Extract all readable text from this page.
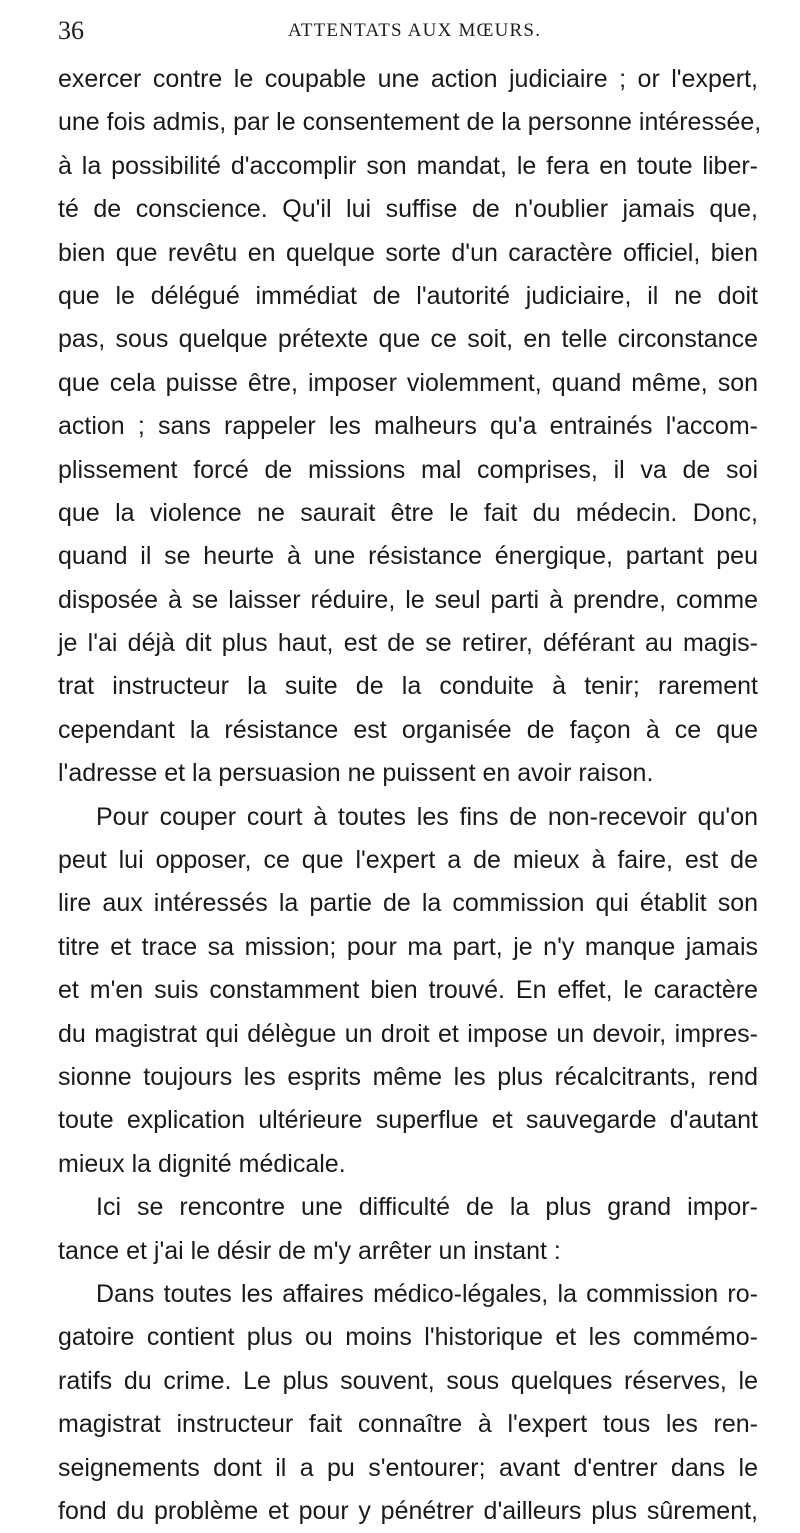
36	ATTENTATS AUX MŒURS.
exercer contre le coupable une action judiciaire ; or l'expert,
une fois admis, par le consentement de la personne intéressée,
à la possibilité d'accomplir son mandat, le fera en toute liber-
té de conscience. Qu'il lui suffise de n'oublier jamais que,
bien que revêtu en quelque sorte d'un caractère officiel, bien
que le délégué immédiat de l'autorité judiciaire, il ne doit
pas, sous quelque prétexte que ce soit, en telle circonstance
que cela puisse être, imposer violemment, quand même, son
action ; sans rappeler les malheurs qu'a entrainés l'accom-
plissement forcé de missions mal comprises, il va de soi
que la violence ne saurait être le fait du médecin. Donc,
quand il se heurte à une résistance énergique, partant peu
disposée à se laisser réduire, le seul parti à prendre, comme
je l'ai déjà dit plus haut, est de se retirer, déférant au magis-
trat instructeur la suite de la conduite à tenir; rarement
cependant la résistance est organisée de façon à ce que
l'adresse et la persuasion ne puissent en avoir raison.
Pour couper court à toutes les fins de non-recevoir qu'on
peut lui opposer, ce que l'expert a de mieux à faire, est de
lire aux intéressés la partie de la commission qui établit son
titre et trace sa mission; pour ma part, je n'y manque jamais
et m'en suis constamment bien trouvé. En effet, le caractère
du magistrat qui délègue un droit et impose un devoir, impres-
sionne toujours les esprits même les plus récalcitrants, rend
toute explication ultérieure superflue et sauvegarde d'autant
mieux la dignité médicale.
Ici se rencontre une difficulté de la plus grand impor-
tance et j'ai le désir de m'y arrêter un instant :
Dans toutes les affaires médico-légales, la commission ro-
gatoire contient plus ou moins l'historique et les commémo-
ratifs du crime. Le plus souvent, sous quelques réserves, le
magistrat instructeur fait connaître à l'expert tous les ren-
seignements dont il a pu s'entourer; avant d'entrer dans le
fond du problème et pour y pénétrer d'ailleurs plus sûrement,
